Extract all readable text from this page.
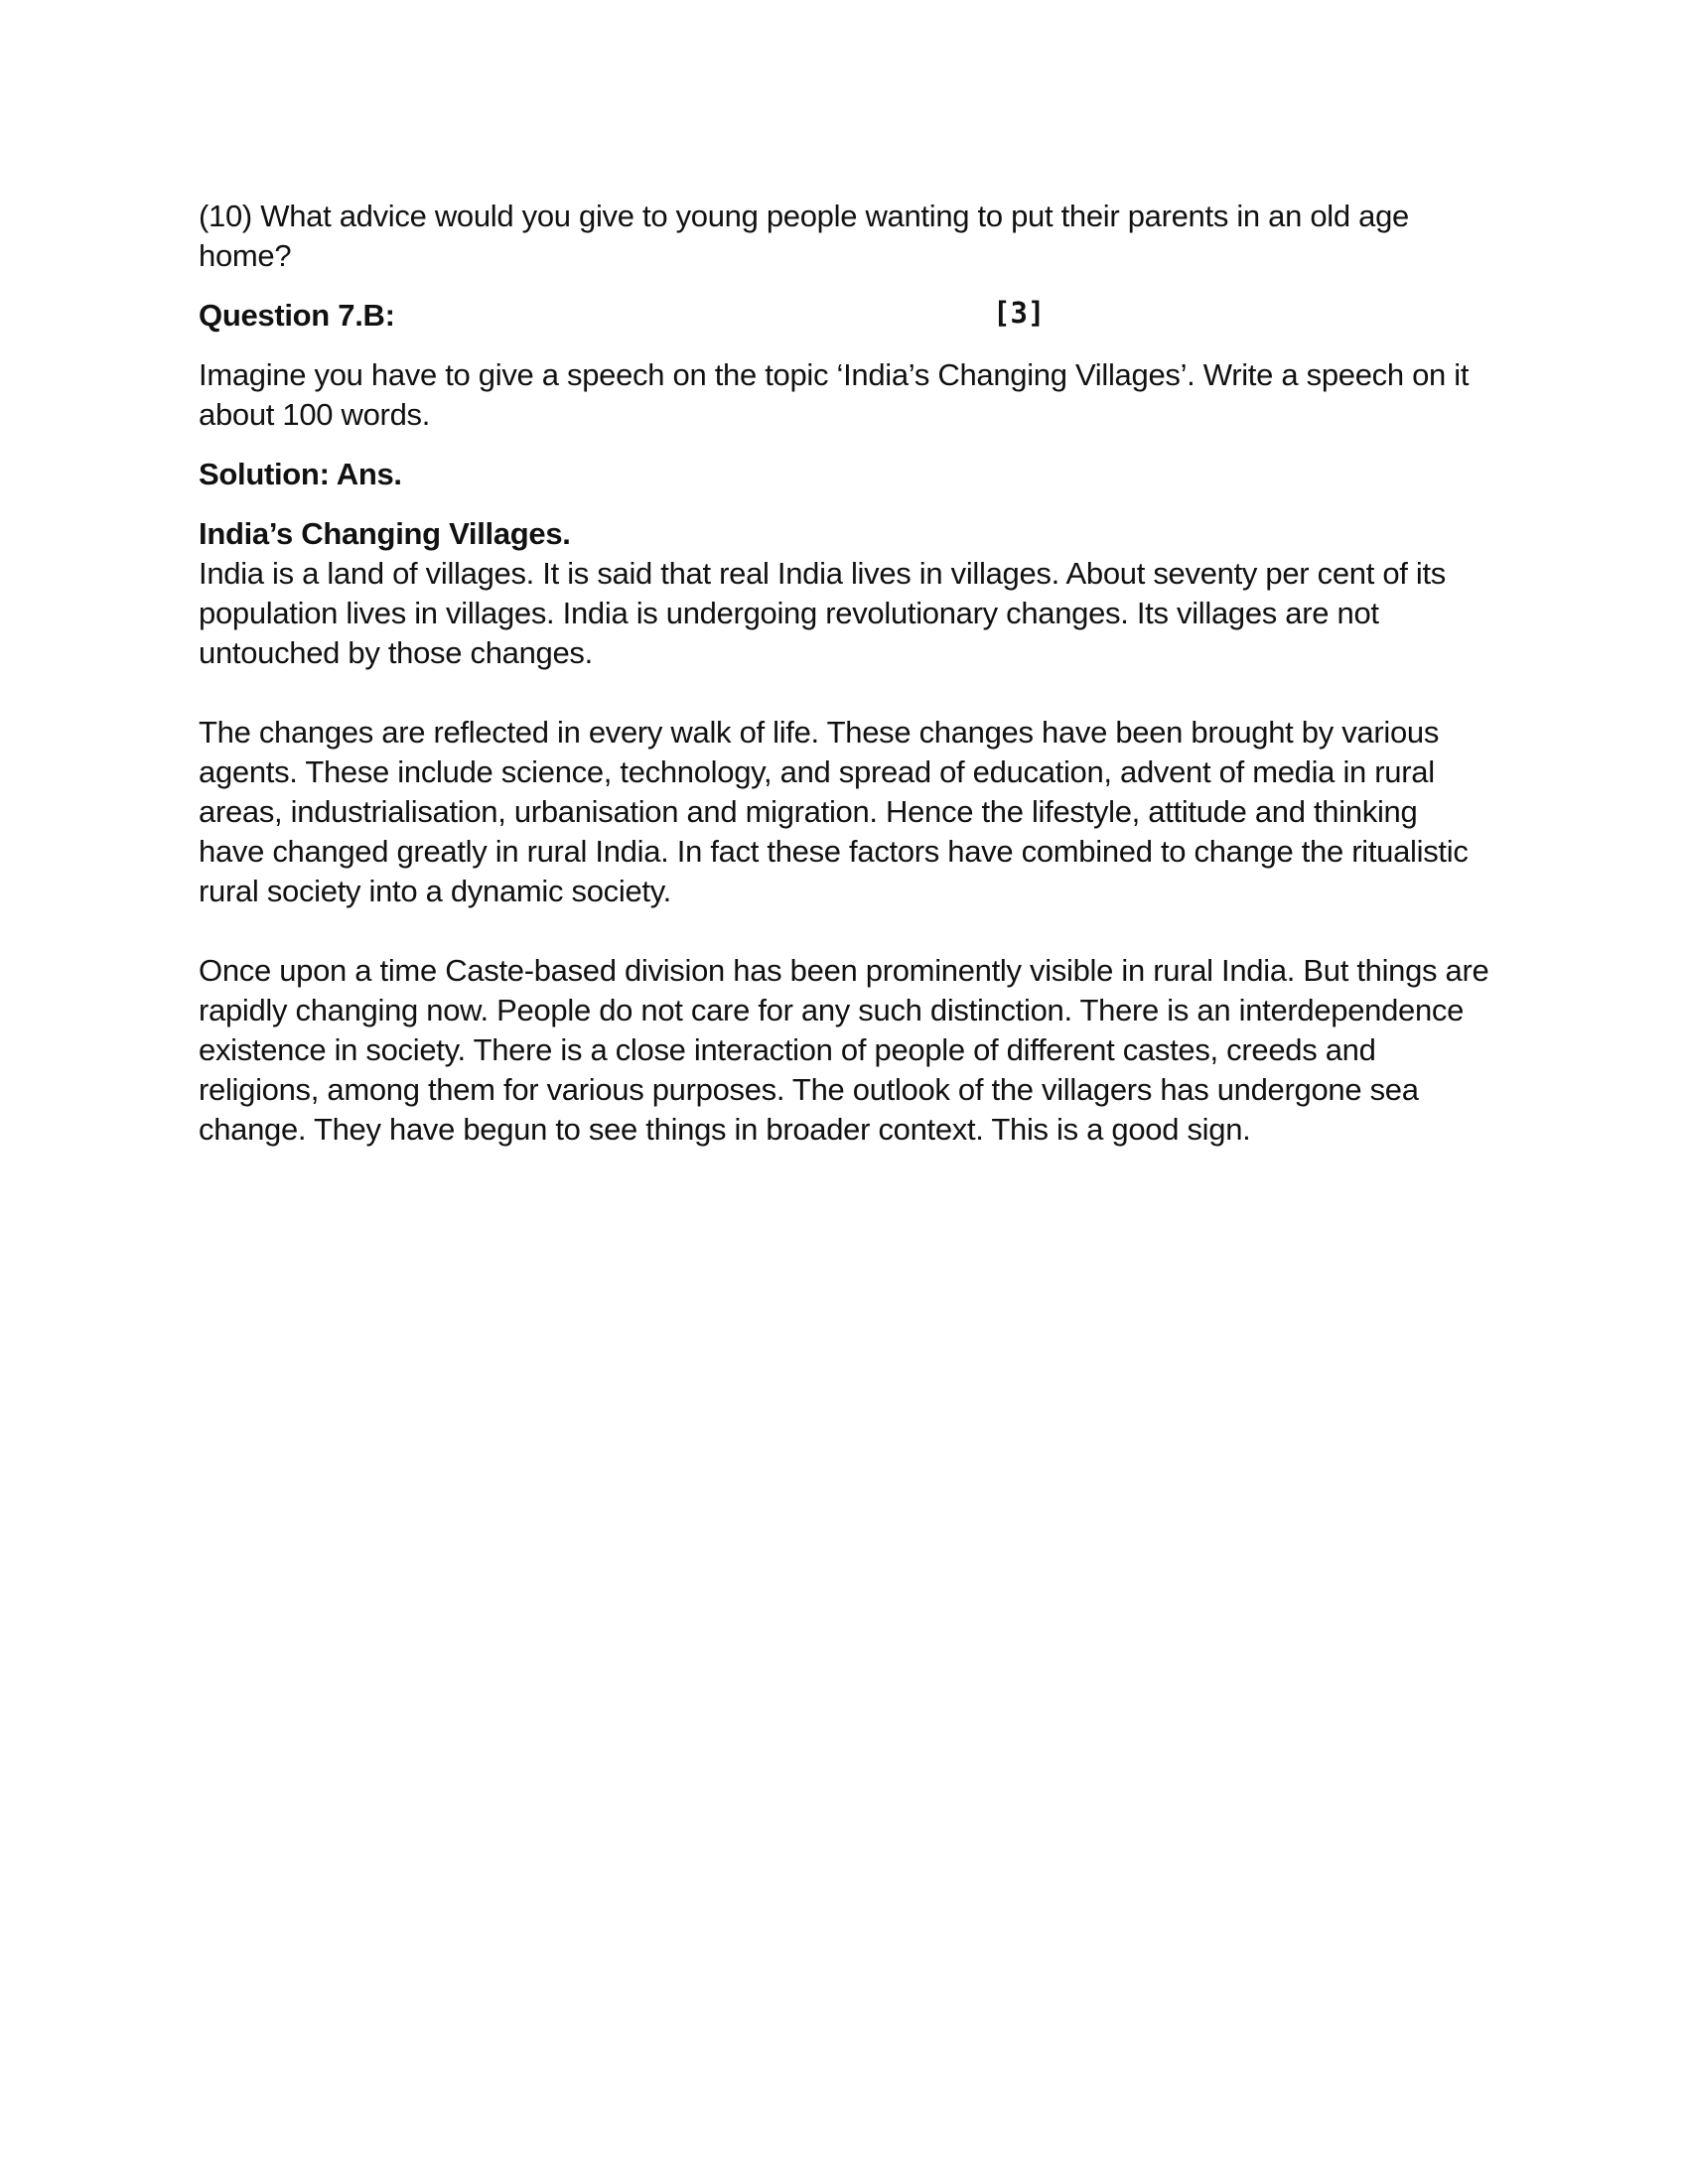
(10) What advice would you give to young people wanting to put their parents in an old age home?

Question 7.B:	[3]

Imagine you have to give a speech on the topic ‘India’s Changing Villages’. Write a speech on it about 100 words.

Solution: Ans.

India’s Changing Villages.

India is a land of villages. It is said that real India lives in villages. About seventy per cent of its population lives in villages. India is undergoing revolutionary changes. Its villages are not untouched by those changes.

The changes are reflected in every walk of life. These changes have been brought by various agents. These include science, technology, and spread of education, advent of media in rural areas, industrialisation, urbanisation and migration. Hence the lifestyle, attitude and thinking have changed greatly in rural India. In fact these factors have combined to change the ritualistic rural society into a dynamic society.

Once upon a time Caste-based division has been prominently visible in rural India. But things are rapidly changing now. People do not care for any such distinction. There is an interdependence existence in society. There is a close interaction of people of different castes, creeds and religions, among them for various purposes. The outlook of the villagers has undergone sea change. They have begun to see things in broader context. This is a good sign.
